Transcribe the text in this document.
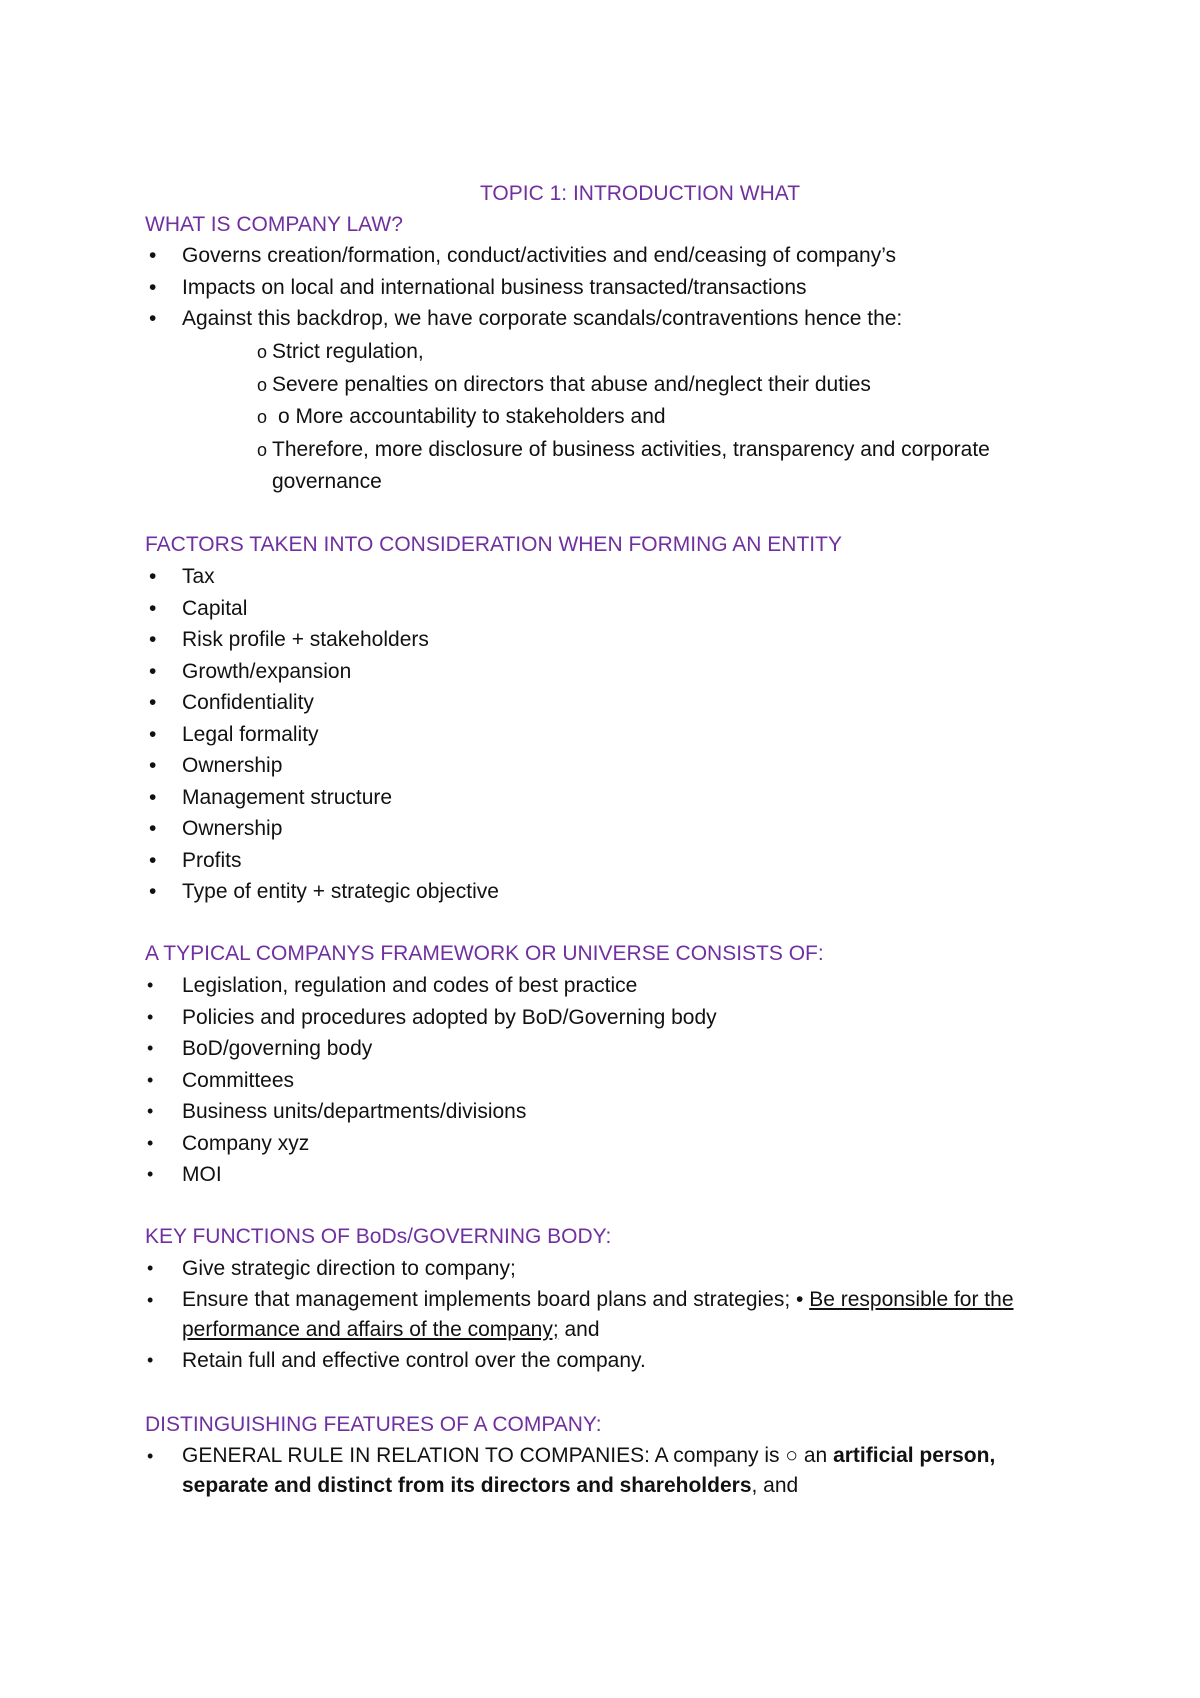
TOPIC 1: INTRODUCTION WHAT
WHAT IS COMPANY LAW?
• Governs creation/formation, conduct/activities and end/ceasing of company’s
• Impacts on local and international business transacted/transactions
• Against this backdrop, we have corporate scandals/contraventions hence the:
o Strict regulation,
o Severe penalties on directors that abuse and/neglect their duties
o o More accountability to stakeholders and
o Therefore, more disclosure of business activities, transparency and corporate governance
FACTORS TAKEN INTO CONSIDERATION WHEN FORMING AN ENTITY
• Tax
• Capital
• Risk profile + stakeholders
• Growth/expansion
• Confidentiality
• Legal formality
• Ownership
• Management structure
• Ownership
• Profits
• Type of entity + strategic objective
A TYPICAL COMPANYS FRAMEWORK OR UNIVERSE CONSISTS OF:
• Legislation, regulation and codes of best practice
• Policies and procedures adopted by BoD/Governing body
• BoD/governing body
• Committees
• Business units/departments/divisions
• Company xyz
• MOI
KEY FUNCTIONS OF BoDs/GOVERNING BODY:
• Give strategic direction to company;
• Ensure that management implements board plans and strategies; • Be responsible for the performance and affairs of the company; and
• Retain full and effective control over the company.
DISTINGUISHING FEATURES OF A COMPANY:
• GENERAL RULE IN RELATION TO COMPANIES: A company is ○ an artificial person, separate and distinct from its directors and shareholders, and
